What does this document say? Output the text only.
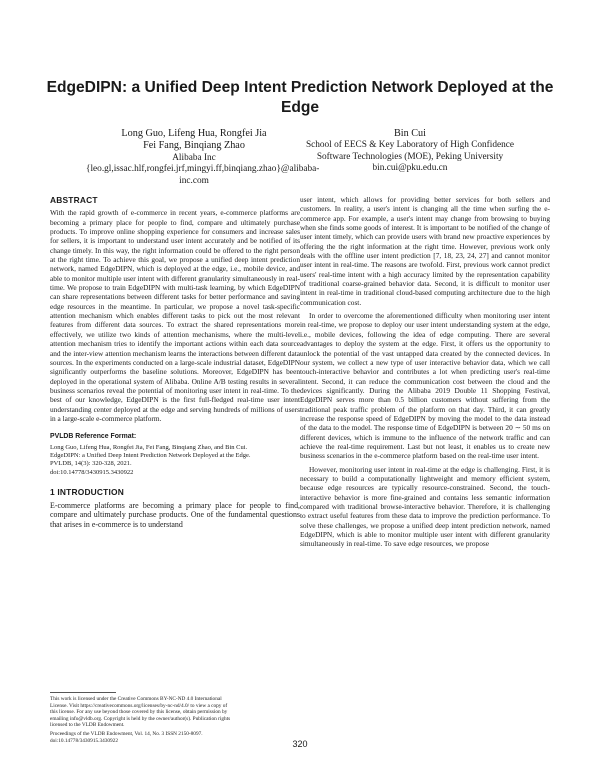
EdgeDIPN: a Unified Deep Intent Prediction Network Deployed at the Edge
Long Guo, Lifeng Hua, Rongfei Jia
Fei Fang, Binqiang Zhao
Alibaba Inc
{leo.gl,issac.hlf,rongfei.jrf,mingyi.ff,binqiang.zhao}@alibaba-
inc.com
Bin Cui
School of EECS & Key Laboratory of High Confidence
Software Technologies (MOE), Peking University
bin.cui@pku.edu.cn
ABSTRACT

With the rapid growth of e-commerce in recent years, e-commerce platforms are becoming a primary place for people to find, compare and ultimately purchase products. To improve online shopping experience for consumers and increase sales for sellers, it is important to understand user intent accurately and be notified of its change timely. In this way, the right information could be offered to the right person at the right time. To achieve this goal, we propose a unified deep intent prediction network, named EdgeDIPN, which is deployed at the edge, i.e., mobile device, and able to monitor multiple user intent with different granularity simultaneously in real-time. We propose to train EdgeDIPN with multi-task learning, by which EdgeDIPN can share representations between different tasks for better performance and saving edge resources in the meantime. In particular, we propose a novel task-specific attention mechanism which enables different tasks to pick out the most relevant features from different data sources. To extract the shared representations more effectively, we utilize two kinds of attention mechanisms, where the multi-level attention mechanism tries to identify the important actions within each data source and the inter-view attention mechanism learns the interactions between different data sources. In the experiments conducted on a large-scale industrial dataset, EdgeDIPN significantly outperforms the baseline solutions. Moreover, EdgeDIPN has been deployed in the operational system of Alibaba. Online A/B testing results in several business scenarios reveal the potential of monitoring user intent in real-time. To the best of our knowledge, EdgeDIPN is the first full-fledged real-time user intent understanding center deployed at the edge and serving hundreds of millions of users in a large-scale e-commerce platform.

PVLDB Reference Format:

Long Guo, Lifeng Hua, Rongfei Jia, Fei Fang, Binqiang Zhao, and Bin Cui.
EdgeDIPN: a Unified Deep Intent Prediction Network Deployed at the Edge.
PVLDB, 14(3): 320-328, 2021.
doi:10.14778/3430915.3430922

1 INTRODUCTION

E-commerce platforms are becoming a primary place for people to find, compare and ultimately purchase products. One of the fundamental questions that arises in e-commerce is to understand

This work is licensed under the Creative Commons BY-NC-ND 4.0 International
License. Visit https://creativecommons.org/licenses/by-nc-nd/4.0/ to view a copy of
this license. For any use beyond those covered by this license, obtain permission by
emailing info@vldb.org. Copyright is held by the owner/author(s). Publication rights
licensed to the VLDB Endowment.
Proceedings of the VLDB Endowment, Vol. 14, No. 3 ISSN 2150-8097.
doi:10.14778/3430915.3430922

user intent, which allows for providing better services for both sellers and customers. In reality, a user's intent is changing all the time when surfing the e-commerce app. For example, a user's intent may change from browsing to buying when she finds some goods of interest. It is important to be notified of the change of user intent timely, which can provide users with brand new proactive experiences by offering the the right information at the right time. However, previous work only deals with the offline user intent prediction [7, 18, 23, 24, 27] and cannot monitor user intent in real-time. The reasons are twofold. First, previous work cannot predict users' real-time intent with a high accuracy limited by the representation capability of traditional coarse-grained behavior data. Second, it is difficult to monitor user intent in real-time in traditional cloud-based computing architecture due to the high communication cost.

In order to overcome the aforementioned difficulty when monitoring user intent in real-time, we propose to deploy our user intent understanding system at the edge, i.e., mobile devices, following the idea of edge computing. There are several advantages to deploy the system at the edge. First, it offers us the opportunity to unlock the potential of the vast untapped data created by the connected devices. In our system, we collect a new type of user interactive behavior data, which we call touch-interactive behavior and contributes a lot when predicting user's real-time intent. Second, it can reduce the communication cost between the cloud and the devices significantly. During the Alibaba 2019 Double 11 Shopping Festival, EdgeDIPN serves more than 0.5 billion customers without suffering from the traditional peak traffic problem of the platform on that day. Third, it can greatly increase the response speed of EdgeDIPN by moving the model to the data instead of the data to the model. The response time of EdgeDIPN is between 20 ∼ 50 ms on different devices, which is immune to the influence of the network traffic and can achieve the real-time requirement. Last but not least, it enables us to create new business scenarios in the e-commerce platform based on the real-time user intent.

However, monitoring user intent in real-time at the edge is challenging. First, it is necessary to build a computationally lightweight and memory efficient system, because edge resources are typically resource-constrained. Second, the touch-interactive behavior is more fine-grained and contains less semantic information compared with traditional browse-interactive behavior. Therefore, it is challenging to extract useful features from these data to improve the prediction performance. To solve these challenges, we propose a unified deep intent prediction network, named EdgeDIPN, which is able to monitor multiple user intent with different granularity simultaneously in real-time. To save edge resources, we propose

320
